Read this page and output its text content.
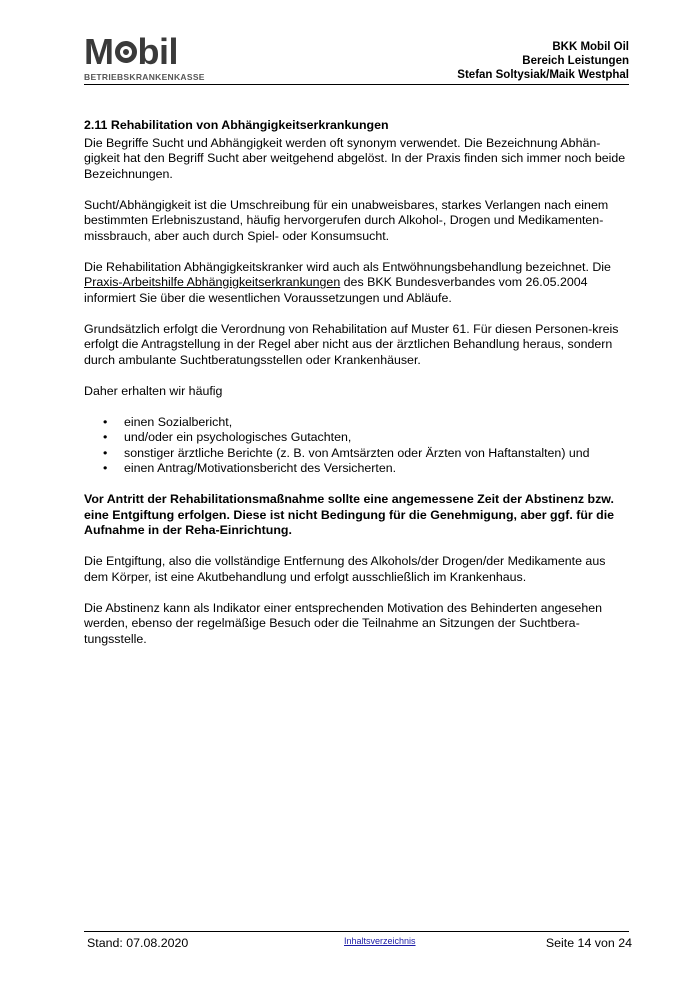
M bil
BETRIEBSKRANKENKASSE
BKK Mobil Oil
Bereich Leistungen
Stefan Soltysiak/Maik Westphal
2.11 Rehabilitation von Abhängigkeitserkrankungen

Die Begriffe Sucht und Abhängigkeit werden oft synonym verwendet. Die Bezeichnung Abhän-gigkeit hat den Begriff Sucht aber weitgehend abgelöst. In der Praxis finden sich immer noch beide Bezeichnungen.

Sucht/Abhängigkeit ist die Umschreibung für ein unabweisbares, starkes Verlangen nach einem bestimmten Erlebniszustand, häufig hervorgerufen durch Alkohol-, Drogen und Medikamenten-missbrauch, aber auch durch Spiel- oder Konsumsucht.

Die Rehabilitation Abhängigkeitskranker wird auch als Entwöhnungsbehandlung bezeichnet. Die Praxis-Arbeitshilfe Abhängigkeitserkrankungen des BKK Bundesverbandes vom 26.05.2004 informiert Sie über die wesentlichen Voraussetzungen und Abläufe.

Grundsätzlich erfolgt die Verordnung von Rehabilitation auf Muster 61. Für diesen Personen-kreis erfolgt die Antragstellung in der Regel aber nicht aus der ärztlichen Behandlung heraus, sondern durch ambulante Suchtberatungsstellen oder Krankenhäuser.

Daher erhalten wir häufig

• einen Sozialbericht,
• und/oder ein psychologisches Gutachten,
• sonstiger ärztliche Berichte (z. B. von Amtsärzten oder Ärzten von Haftanstalten) und
• einen Antrag/Motivationsbericht des Versicherten.

Vor Antritt der Rehabilitationsmaßnahme sollte eine angemessene Zeit der Abstinenz bzw. eine Entgiftung erfolgen. Diese ist nicht Bedingung für die Genehmigung, aber ggf. für die Aufnahme in der Reha-Einrichtung.

Die Entgiftung, also die vollständige Entfernung des Alkohols/der Drogen/der Medikamente aus dem Körper, ist eine Akutbehandlung und erfolgt ausschließlich im Krankenhaus.

Die Abstinenz kann als Indikator einer entsprechenden Motivation des Behinderten angesehen werden, ebenso der regelmäßige Besuch oder die Teilnahme an Sitzungen der Suchtbera-tungsstelle.

Stand: 07.08.2020	Inhaltsverzeichnis	Seite 14 von 24
